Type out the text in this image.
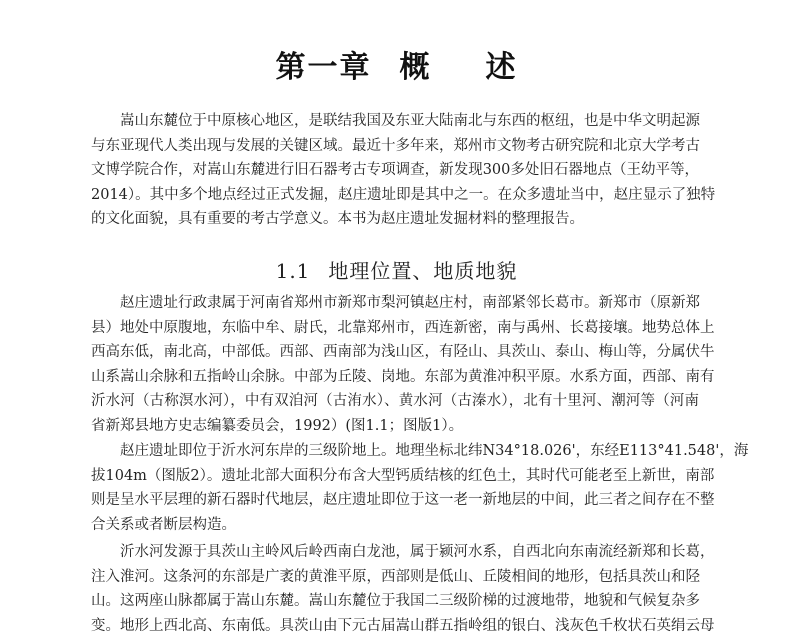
第一章 概 述
嵩山东麓位于中原核心地区，是联结我国及东亚大陆南北与东西的枢纽，也是中华文明起源
与东亚现代人类出现与发展的关键区域。最近十多年来，郑州市文物考古研究院和北京大学考古
文博学院合作，对嵩山东麓进行旧石器考古专项调查，新发现300多处旧石器地点（王幼平等，
2014）。其中多个地点经过正式发掘，赵庄遗址即是其中之一。在众多遗址当中，赵庄显示了独特
的文化面貌，具有重要的考古学意义。本书为赵庄遗址发掘材料的整理报告。
1.1 地理位置、地质地貌
赵庄遗址行政隶属于河南省郑州市新郑市梨河镇赵庄村，南部紧邻长葛市。新郑市（原新郑
县）地处中原腹地，东临中牟、尉氏，北靠郑州市，西连新密，南与禹州、长葛接壤。地势总体上
西高东低，南北高，中部低。西部、西南部为浅山区，有陉山、具茨山、泰山、梅山等，分属伏牛
山系嵩山余脉和五指岭山余脉。中部为丘陵、岗地。东部为黄淮冲积平原。水系方面，西部、南有
沂水河（古称溟水河），中有双洎河（古洧水）、黄水河（古溱水），北有十里河、潮河等（河南
省新郑县地方史志编纂委员会，1992）(图1.1；图版1）。
赵庄遗址即位于沂水河东岸的三级阶地上。地理坐标北纬N34°18.026'，东经E113°41.548'，海
拔104m（图版2）。遗址北部大面积分布含大型钙质结核的红色土，其时代可能老至上新世，南部
则是呈水平层理的新石器时代地层，赵庄遗址即位于这一老一新地层的中间，此三者之间存在不整
合关系或者断层构造。
沂水河发源于具茨山主岭风后岭西南白龙池，属于颍河水系，自西北向东南流经新郑和长葛，
注入淮河。这条河的东部是广袤的黄淮平原，西部则是低山、丘陵相间的地形，包括具茨山和陉
山。这两座山脉都属于嵩山东麓。嵩山东麓位于我国二三级阶梯的过渡地带，地貌和气候复杂多
变。地形上西北高、东南低。具茨山由下元古届嵩山群五指岭组的银白、浅灰色千枚状石英绢云母
